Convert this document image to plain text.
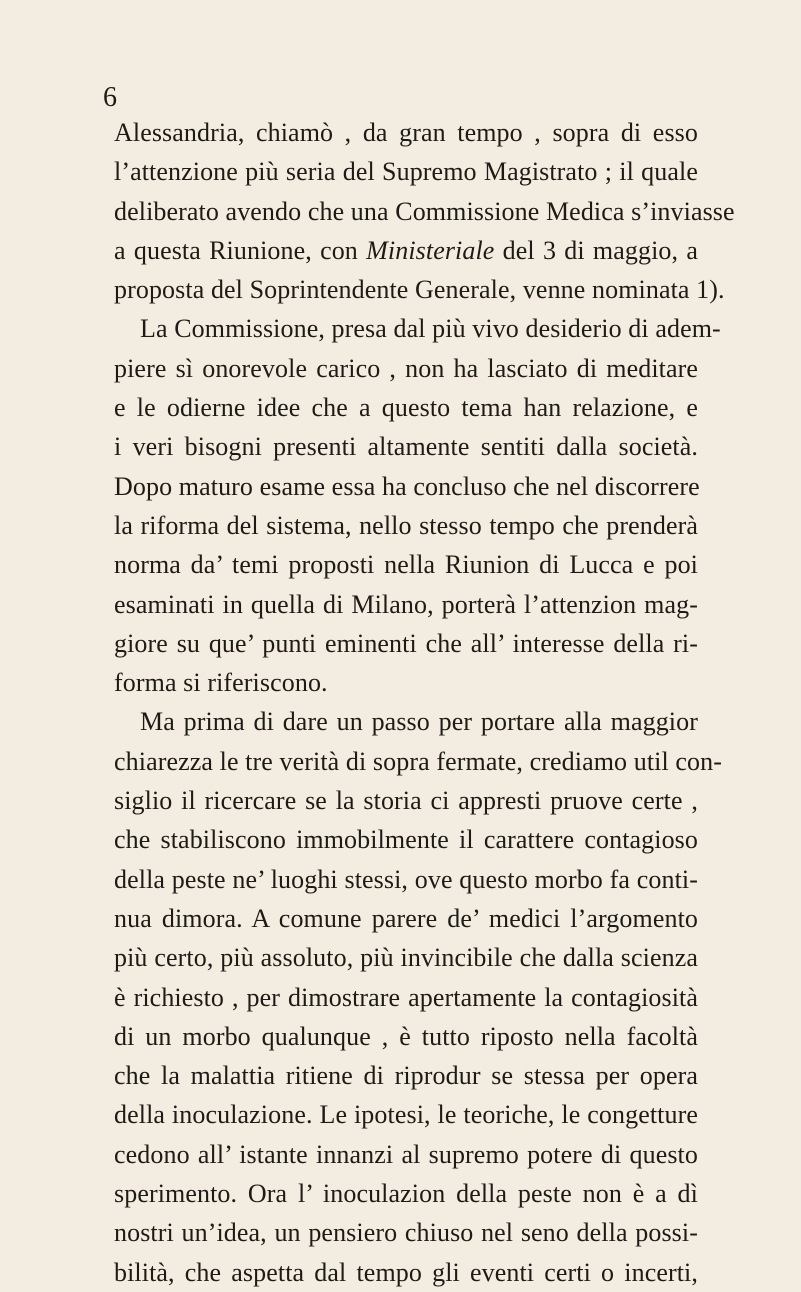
6
Alessandria, chiamò , da gran tempo , sopra di esso
l’attenzione più seria del Supremo Magistrato ; il quale
deliberato avendo che una Commissione Medica s’inviasse
a questa Riunione, con Ministeriale del 3 di maggio, a
proposta del Soprintendente Generale, venne nominata 1).
La Commissione, presa dal più vivo desiderio di adem-
piere sì onorevole carico , non ha lasciato di meditare
e le odierne idee che a questo tema han relazione, e
i veri bisogni presenti altamente sentiti dalla società.
Dopo maturo esame essa ha concluso che nel discorrere
la riforma del sistema, nello stesso tempo che prenderà
norma da’ temi proposti nella Riunion di Lucca e poi
esaminati in quella di Milano, porterà l’attenzion mag-
giore su que’ punti eminenti che all’ interesse della ri-
forma si riferiscono.
Ma prima di dare un passo per portare alla maggior
chiarezza le tre verità di sopra fermate, crediamo util con-
siglio il ricercare se la storia ci appresti pruove certe ,
che stabiliscono immobilmente il carattere contagioso
della peste ne’ luoghi stessi, ove questo morbo fa conti-
nua dimora. A comune parere de’ medici l’argomento
più certo, più assoluto, più invincibile che dalla scienza
è richiesto , per dimostrare apertamente la contagiosità
di un morbo qualunque , è tutto riposto nella facoltà
che la malattia ritiene di riprodur se stessa per opera
della inoculazione. Le ipotesi, le teoriche, le congetture
cedono all’ istante innanzi al supremo potere di questo
sperimento. Ora l’ inoculazion della peste non è a dì
nostri un’idea, un pensiero chiuso nel seno della possi-
bilità, che aspetta dal tempo gli eventi certi o incerti,
